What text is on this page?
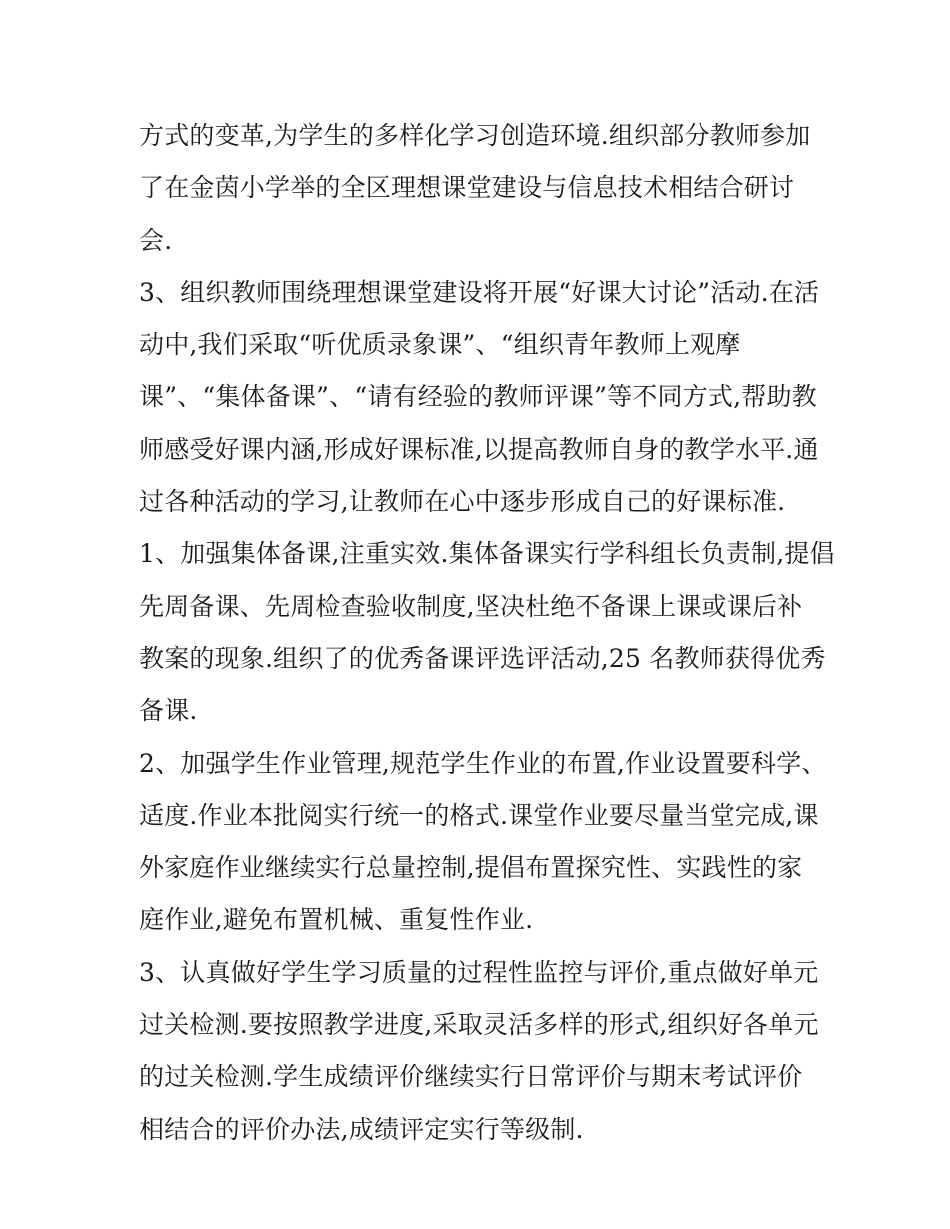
方式的变革,为学生的多样化学习创造环境.组织部分教师参加
了在金茵小学举的全区理想课堂建设与信息技术相结合研讨
会.
3、组织教师围绕理想课堂建设将开展“好课大讨论”活动.在活
动中,我们采取“听优质录象课”、“组织青年教师上观摩
课”、“集体备课”、“请有经验的教师评课”等不同方式,帮助教
师感受好课内涵,形成好课标准,以提高教师自身的教学水平.通
过各种活动的学习,让教师在心中逐步形成自己的好课标准.
1、加强集体备课,注重实效.集体备课实行学科组长负责制,提倡
先周备课、先周检查验收制度,坚决杜绝不备课上课或课后补
教案的现象.组织了的优秀备课评选评活动,25 名教师获得优秀
备课.
2、加强学生作业管理,规范学生作业的布置,作业设置要科学、
适度.作业本批阅实行统一的格式.课堂作业要尽量当堂完成,课
外家庭作业继续实行总量控制,提倡布置探究性、实践性的家
庭作业,避免布置机械、重复性作业.
3、认真做好学生学习质量的过程性监控与评价,重点做好单元
过关检测.要按照教学进度,采取灵活多样的形式,组织好各单元
的过关检测.学生成绩评价继续实行日常评价与期末考试评价
相结合的评价办法,成绩评定实行等级制.
